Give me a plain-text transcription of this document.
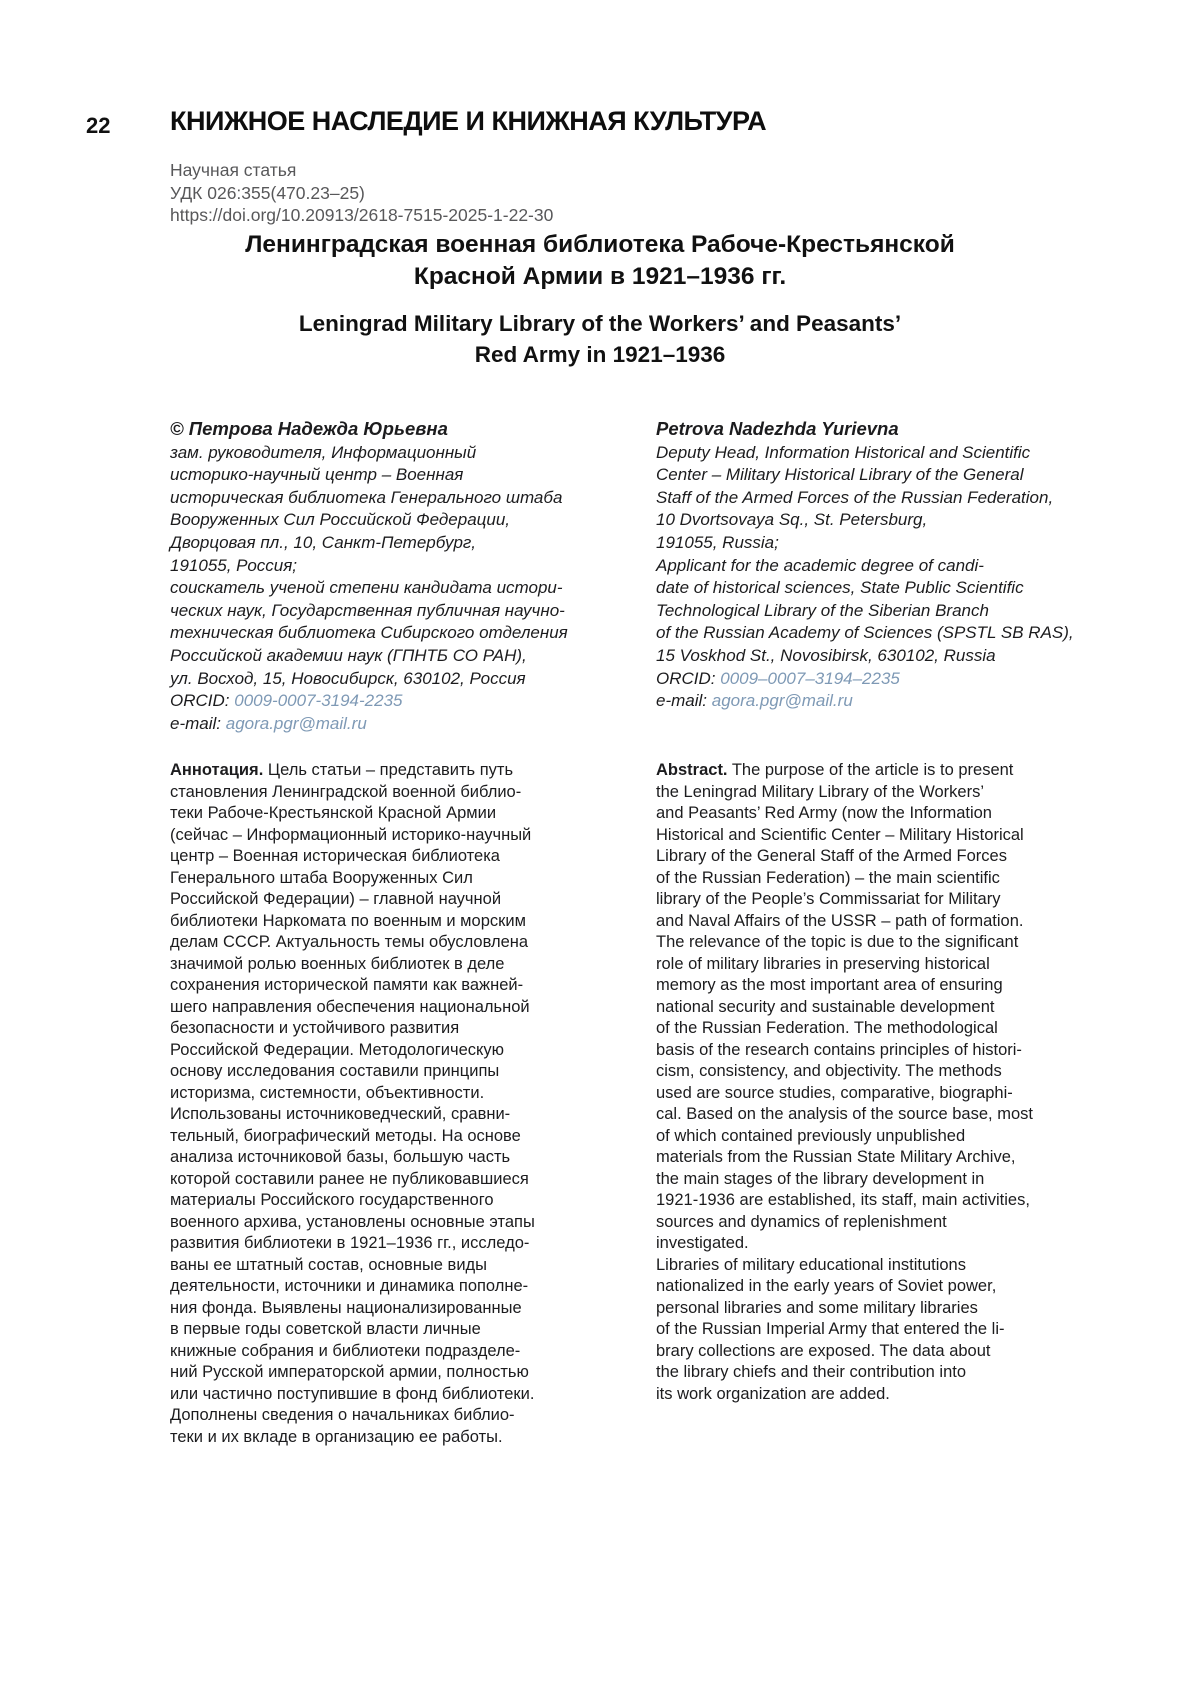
22 КНИЖНОЕ НАСЛЕДИЕ И КНИЖНАЯ КУЛЬТУРА
Научная статья
УДК 026:355(470.23–25)
https://doi.org/10.20913/2618-7515-2025-1-22-30
Ленинградская военная библиотека Рабоче-Крестьянской
Красной Армии в 1921–1936 гг.
Leningrad Military Library of the Workers’ and Peasants’
Red Army in 1921–1936
© Петрова Надежда Юрьевна
зам. руководителя, Информационный
историко-научный центр – Военная
историческая библиотека Генерального штаба
Вооруженных Сил Российской Федерации,
Дворцовая пл., 10, Санкт-Петербург,
191055, Россия;
соискатель ученой степени кандидата истори-
ческих наук, Государственная публичная научно-
техническая библиотека Сибирского отделения
Российской академии наук (ГПНТБ СО РАН),
ул. Восход, 15, Новосибирск, 630102, Россия
ORCID: 0009-0007-3194-2235
e-mail: agora.pgr@mail.ru
Petrova Nadezhda Yurievna
Deputy Head, Information Historical and Scientific
Center – Military Historical Library of the General
Staff of the Armed Forces of the Russian Federation,
10 Dvortsovaya Sq., St. Petersburg,
191055, Russia;
Applicant for the academic degree of candi-
date of historical sciences, State Public Scientific
Technological Library of the Siberian Branch
of the Russian Academy of Sciences (SPSTL SB RAS),
15 Voskhod St., Novosibirsk, 630102, Russia
ORCID: 0009–0007–3194–2235
e-mail: agora.pgr@mail.ru

Аннотация. Цель статьи – представить путь
становления Ленинградской военной библио-
теки Рабоче-Крестьянской Красной Армии
(сейчас – Информационный историко-научный
центр – Военная историческая библиотека
Генерального штаба Вооруженных Сил
Российской Федерации) – главной научной
библиотеки Наркомата по военным и морским
делам СССР. Актуальность темы обусловлена
значимой ролью военных библиотек в деле
сохранения исторической памяти как важней-
шего направления обеспечения национальной
безопасности и устойчивого развития
Российской Федерации. Методологическую
основу исследования составили принципы
историзма, системности, объективности.
Использованы источниковедческий, сравни-
тельный, биографический методы. На основе
анализа источниковой базы, большую часть
которой составили ранее не публиковавшиеся
материалы Российского государственного
военного архива, установлены основные этапы
развития библиотеки в 1921–1936 гг., исследо-
ваны ее штатный состав, основные виды
деятельности, источники и динамика пополне-
ния фонда. Выявлены национализированные
в первые годы советской власти личные
книжные собрания и библиотеки подразделе-
ний Русской императорской армии, полностью
или частично поступившие в фонд библиотеки.
Дополнены сведения о начальниках библио-
теки и их вкладе в организацию ее работы.

Abstract. The purpose of the article is to present
the Leningrad Military Library of the Workers’
and Peasants’ Red Army (now the Information
Historical and Scientific Center – Military Historical
Library of the General Staff of the Armed Forces
of the Russian Federation) – the main scientific
library of the People’s Commissariat for Military
and Naval Affairs of the USSR – path of formation.
The relevance of the topic is due to the significant
role of military libraries in preserving historical
memory as the most important area of ensuring
national security and sustainable development
of the Russian Federation. The methodological
basis of the research contains principles of histori-
cism, consistency, and objectivity. The methods
used are source studies, comparative, biographi-
cal. Based on the analysis of the source base, most
of which contained previously unpublished
materials from the Russian State Military Archive,
the main stages of the library development in
1921-1936 are established, its staff, main activities,
sources and dynamics of replenishment
investigated.
Libraries of military educational institutions
nationalized in the early years of Soviet power,
personal libraries and some military libraries
of the Russian Imperial Army that entered the li-
brary collections are exposed. The data about
the library chiefs and their contribution into
its work organization are added.
